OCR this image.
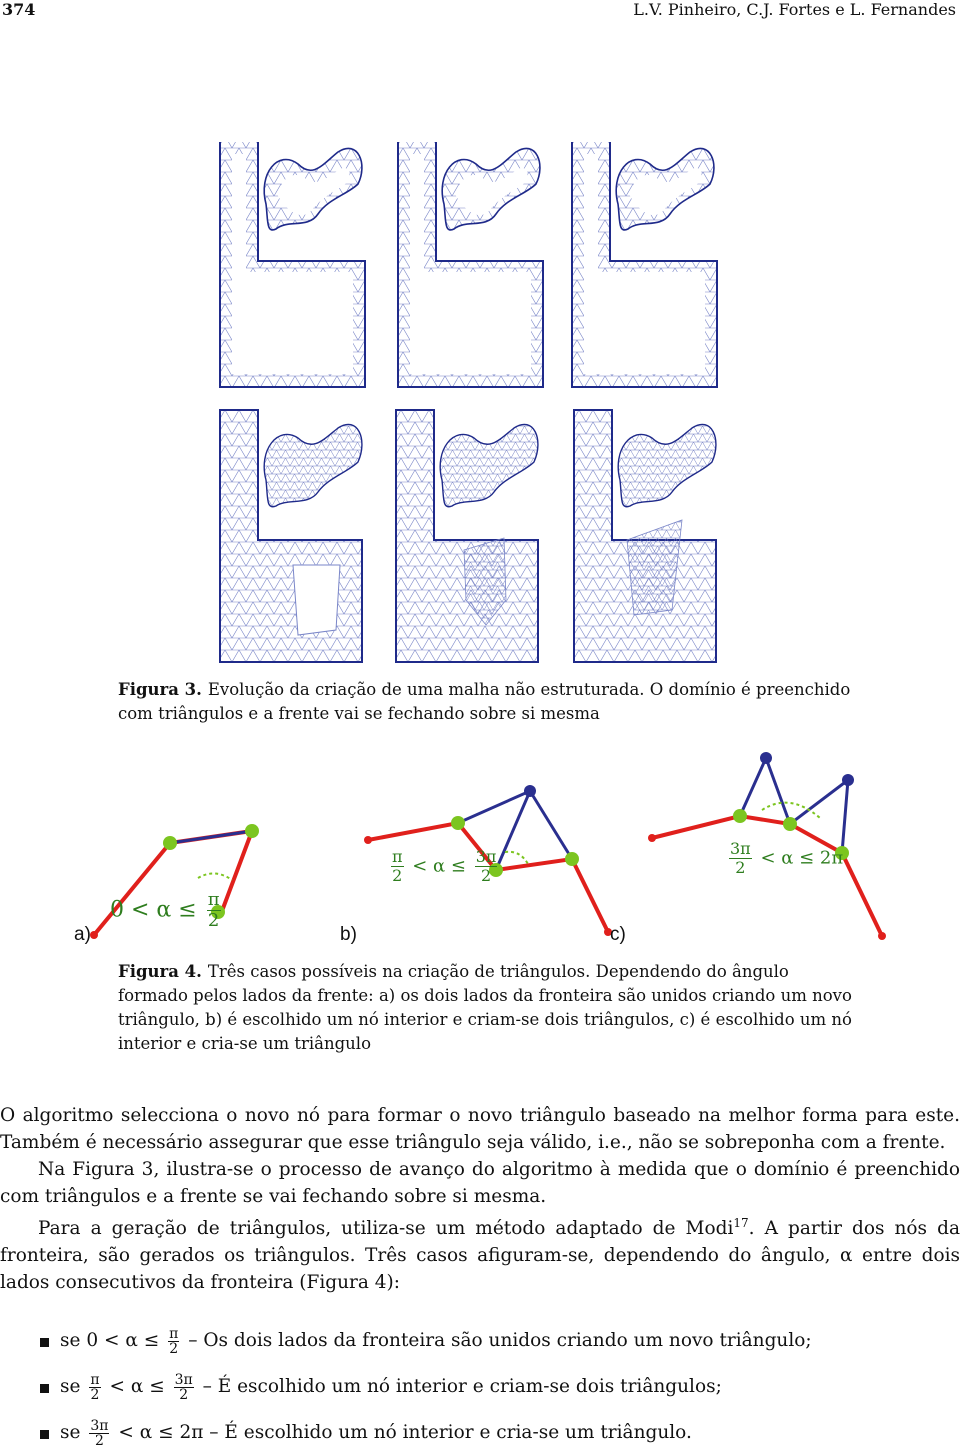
374	L.V. Pinheiro, C.J. Fortes e L. Fernandes
Figura 3. Evolução da criação de uma malha não estruturada. O domínio é preenchido com triângulos e a frente vai se fechando sobre si mesma
$0 < \alpha \le \frac{\pi}{2}$
$\frac{\pi}{2} < \alpha \le \frac{3\pi}{2}$	$\frac{3\pi}{2} < \alpha \le 2\pi$
a)	b)	c)
Figura 4. Três casos possíveis na criação de triângulos. Dependendo do ângulo formado pelos lados da frente: a) os dois lados da fronteira são unidos criando um novo triângulo, b) é escolhido um nó interior e criam-se dois triângulos, c) é escolhido um nó interior e cria-se um triângulo

O algoritmo selecciona o novo nó para formar o novo triângulo baseado na melhor forma para este. Também é necessário assegurar que esse triângulo seja válido, i.e., não se sobreponha com a frente.

Na Figura 3, ilustra-se o processo de avanço do algoritmo à medida que o domínio é preenchido com triângulos e a frente se vai fechando sobre si mesma.

Para a geração de triângulos, utiliza-se um método adaptado de Modi$^{17}$. A partir dos nós da fronteira, são gerados os triângulos. Três casos afiguram-se, dependendo do ângulo, α entre dois lados consecutivos da fronteira (Figura 4):

se $0 < \alpha \le \frac{\pi}{2} - Os$ dois lados da fronteira são unidos criando um novo triângulo;
se $\frac{\pi}{2} < \alpha \le \frac{3\pi}{2}$ – É escolhido um nó interior e criam-se dois triângulos;
se $\frac{3\pi}{2} < \alpha \le 2\pi$ – É escolhido um nó interior e cria-se um triângulo.
